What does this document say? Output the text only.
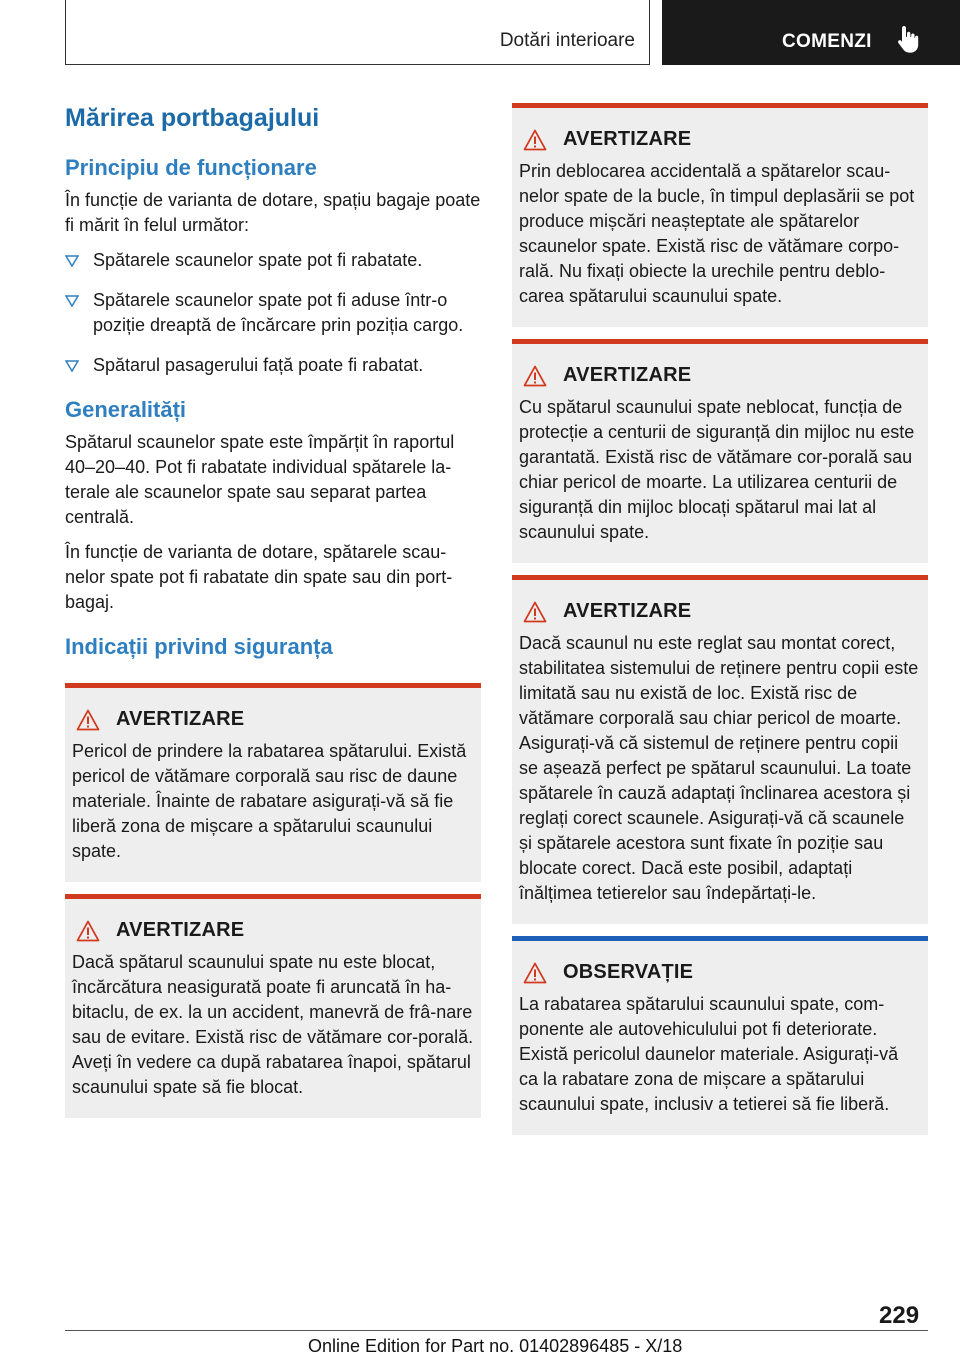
Dotări interioare	COMENZI
Mărirea portbagajului
Principiu de funcționare

În funcție de varianta de dotare, spațiu bagaje poate fi mărit în felul următor:

Spătarele scaunelor spate pot fi rabatate.
Spătarele scaunelor spate pot fi aduse într-o poziție dreaptă de încărcare prin poziția cargo.
Spătarul pasagerului față poate fi rabatat.
Generalități

Spătarul scaunelor spate este împărțit în raportul 40–20–40. Pot fi rabatate individual spătarele la-terale ale scaunelor spate sau separat partea centrală.

În funcție de varianta de dotare, spătarele scau-nelor spate pot fi rabatate din spate sau din port-bagaj.

Indicații privind siguranța
AVERTIZARE
Pericol de prindere la rabatarea spătarului. Există pericol de vătămare corporală sau risc de daune materiale. Înainte de rabatare asigurați-vă să fie liberă zona de mișcare a spătarului scaunului spate.
AVERTIZARE
Dacă spătarul scaunului spate nu este blocat, încărcătura neasigurată poate fi aruncată în ha-bitaclu, de ex. la un accident, manevră de frâ-nare sau de evitare. Există risc de vătămare cor-porală. Aveți în vedere ca după rabatarea înapoi, spătarul scaunului spate să fie blocat.
AVERTIZARE
Prin deblocarea accidentală a spătarelor scau-nelor spate de la bucle, în timpul deplasării se pot produce mișcări neașteptate ale spătarelor scaunelor spate. Există risc de vătămare corpo-rală. Nu fixați obiecte la urechile pentru deblo-carea spătarului scaunului spate.
AVERTIZARE
Cu spătarul scaunului spate neblocat, funcția de protecție a centurii de siguranță din mijloc nu este garantată. Există risc de vătămare cor-porală sau chiar pericol de moarte. La utilizarea centurii de siguranță din mijloc blocați spătarul mai lat al scaunului spate.
AVERTIZARE
Dacă scaunul nu este reglat sau montat corect, stabilitatea sistemului de reținere pentru copii este limitată sau nu există de loc. Există risc de vătămare corporală sau chiar pericol de moarte. Asigurați-vă că sistemul de reținere pentru copii se așează perfect pe spătarul scaunului. La toate spătarele în cauză adaptați înclinarea acestora și reglați corect scaunele. Asigurați-vă că scaunele și spătarele acestora sunt fixate în poziție sau blocate corect. Dacă este posibil, adaptați înălțimea tetierelor sau îndepărtați-le.
OBSERVAȚIE
La rabatarea spătarului scaunului spate, com-ponente ale autovehiculului pot fi deteriorate. Există pericolul daunelor materiale. Asigurați-vă ca la rabatare zona de mișcare a spătarului scaunului spate, inclusiv a tetierei să fie liberă.
229
Online Edition for Part no. 01402896485 - X/18
